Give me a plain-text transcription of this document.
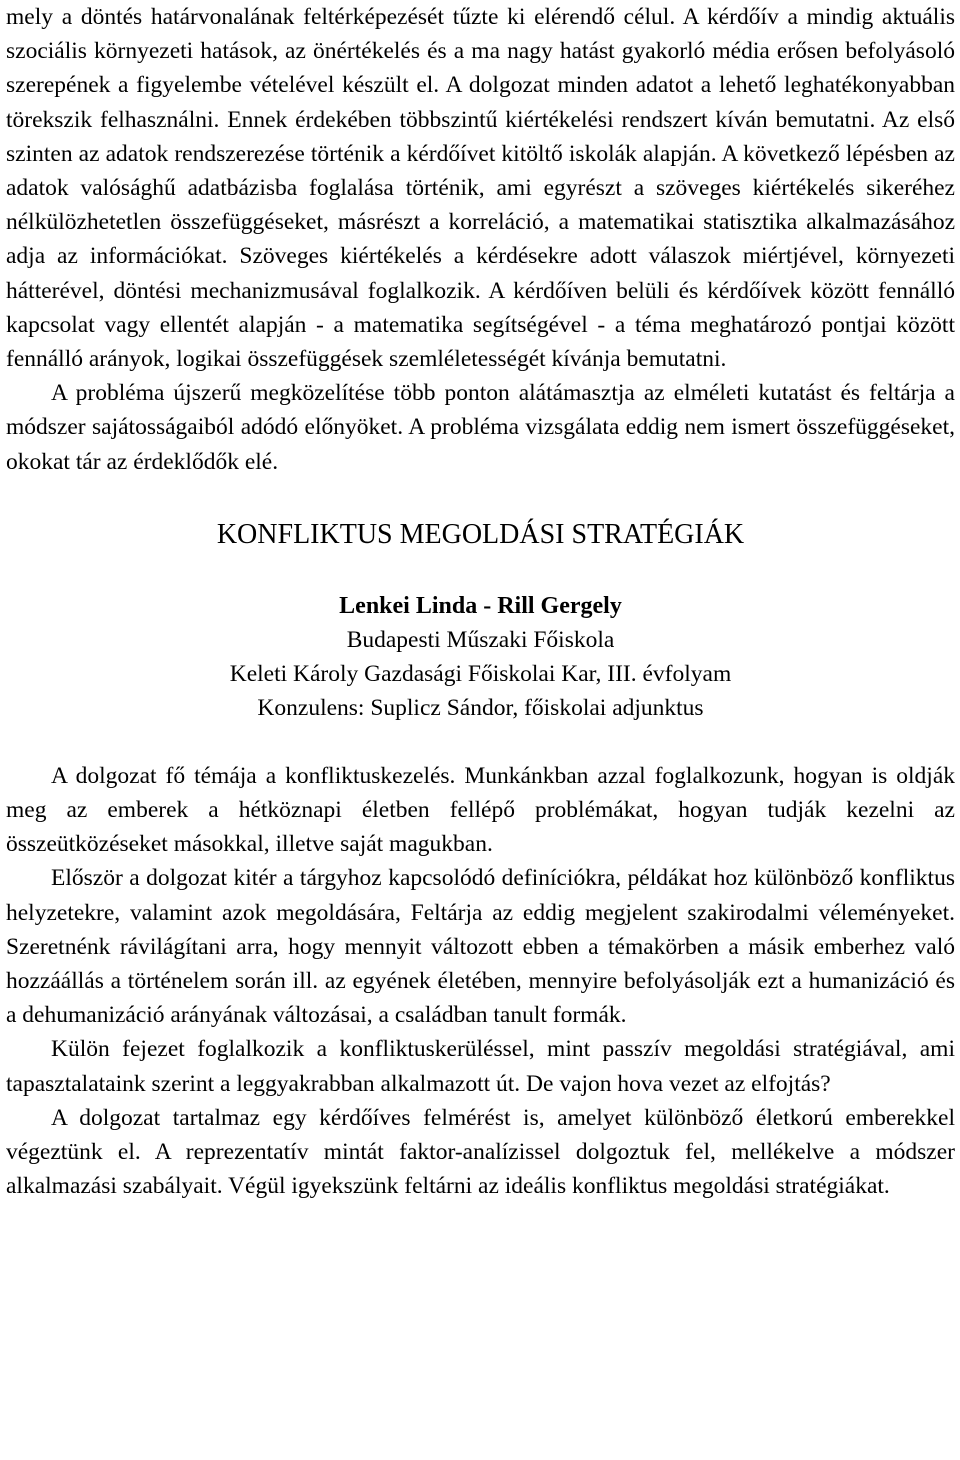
mely a döntés határvonalának feltérképezését tűzte ki elérendő célul. A kérdőív a mindig aktuális szociális környezeti hatások, az önértékelés és a ma nagy hatást gyakorló média erősen befolyásoló szerepének a figyelembe vételével készült el. A dolgozat minden adatot a lehető leghatékonyabban törekszik felhasználni. Ennek érdekében többszintű kiértékelési rendszert kíván bemutatni. Az első szinten az adatok rendszerezése történik a kérdőívet kitöltő iskolák alapján. A következő lépésben az adatok valósághű adatbázisba foglalása történik, ami egyrészt a szöveges kiértékelés sikeréhez nélkülözhetetlen összefüggéseket, másrészt a korreláció, a matematikai statisztika alkalmazásához adja az információkat. Szöveges kiértékelés a kérdésekre adott válaszok miértjével, környezeti hátterével, döntési mechanizmusával foglalkozik. A kérdőíven belüli és kérdőívek között fennálló kapcsolat vagy ellentét alapján - a matematika segítségével - a téma meghatározó pontjai között fennálló arányok, logikai összefüggések szemléletességét kívánja bemutatni.

A probléma újszerű megközelítése több ponton alátámasztja az elméleti kutatást és feltárja a módszer sajátosságaiból adódó előnyöket. A probléma vizsgálata eddig nem ismert összefüggéseket, okokat tár az érdeklődők elé.

KONFLIKTUS MEGOLDÁSI STRATÉGIÁK

Lenkei Linda - Rill Gergely

Budapesti Műszaki Főiskola

Keleti Károly Gazdasági Főiskolai Kar, III. évfolyam

Konzulens: Suplicz Sándor, főiskolai adjunktus

A dolgozat fő témája a konfliktuskezelés. Munkánkban azzal foglalkozunk, hogyan is oldják meg az emberek a hétköznapi életben fellépő problémákat, hogyan tudják kezelni az összeütközéseket másokkal, illetve saját magukban.

Először a dolgozat kitér a tárgyhoz kapcsolódó definíciókra, példákat hoz különböző konfliktus helyzetekre, valamint azok megoldására, Feltárja az eddig megjelent szakirodalmi véleményeket. Szeretnénk rávilágítani arra, hogy mennyit változott ebben a témakörben a másik emberhez való hozzáállás a történelem során ill. az egyének életében, mennyire befolyásolják ezt a humanizáció és a dehumanizáció arányának változásai, a családban tanult formák.

Külön fejezet foglalkozik a konfliktuskerüléssel, mint passzív megoldási stratégiával, ami tapasztalataink szerint a leggyakrabban alkalmazott út. De vajon hova vezet az elfojtás?

A dolgozat tartalmaz egy kérdőíves felmérést is, amelyet különböző életkorú emberekkel végeztünk el. A reprezentatív mintát faktor-analízissel dolgoztuk fel, mellékelve a módszer alkalmazási szabályait. Végül igyekszünk feltárni az ideális konfliktus megoldási stratégiákat.
